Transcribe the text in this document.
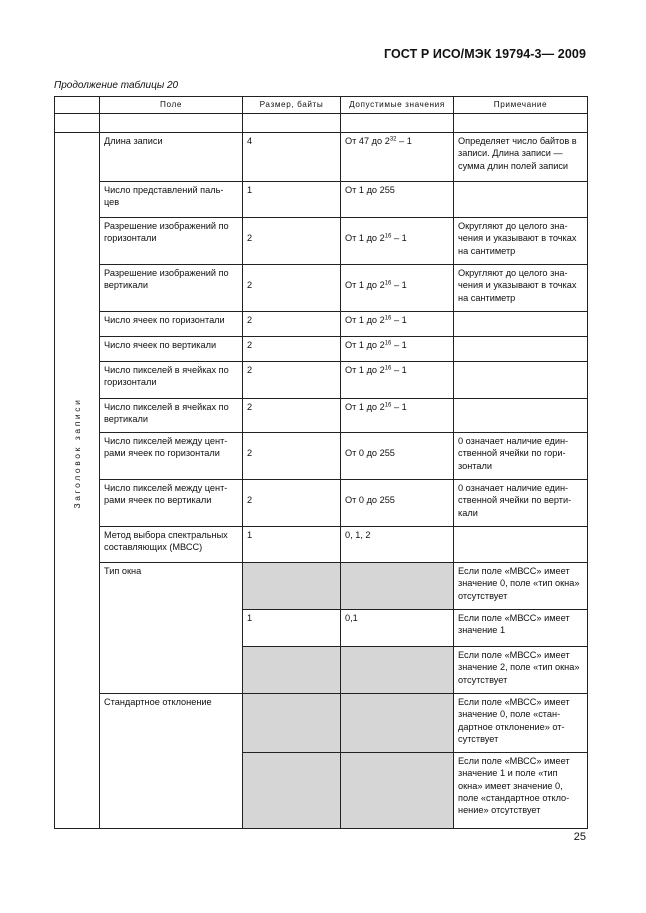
ГОСТ Р ИСО/МЭК 19794-3— 2009
Продолжение таблицы 20
	Поле	Размер, байты	Допустимые значения	Примечание

Заголовок записи	Длина записи	4	От 47 до $2^{32} - 1$	Определяет число байтов в записи. Длина записи — сумма длин полей записи
	Число представлений паль-цев	1	От 1 до 255	
	Разрешение изображений по горизонтали	2	От 1 до $2^{16} - 1$	Округляют до целого зна-чения и указывают в точках на сантиметр
	Разрешение изображений по вертикали	2	От 1 до $2^{16} - 1$	Округляют до целого зна-чения и указывают в точках на сантиметр
	Число ячеек по горизонтали	2	От 1 до $2^{16} - 1$	
	Число ячеек по вертикали	2	От 1 до $2^{16} - 1$	
	Число пикселей в ячейках по горизонтали	2	От 1 до $2^{16} - 1$	
	Число пикселей в ячейках по вертикали	2	От 1 до $2^{16} - 1$	
	Число пикселей между цент-рами ячеек по горизонтали	2	От 0 до 255	0 означает наличие един-ственной ячейки по гори-зонтали
	Число пикселей между цент-рами ячеек по вертикали	2	От 0 до 255	0 означает наличие един-ственной ячейки по верти-кали
	Метод выбора спектральных составляющих (МВСС)	1	0, 1, 2	
	Тип окна			Если поле «МВСС» имеет значение 0, поле «тип окна» отсутствует
		1	0,1	Если поле «МВСС» имеет значение 1
				Если поле «МВСС» имеет значение 2, поле «тип окна» отсутствует
	Стандартное отклонение			Если поле «МВСС» имеет значение 0, поле «стан-дартное отклонение» от-сутствует
				Если поле «МВСС» имеет значение 1 и поле «тип окна» имеет значение 0, поле «стандартное откло-нение» отсутствует
25
